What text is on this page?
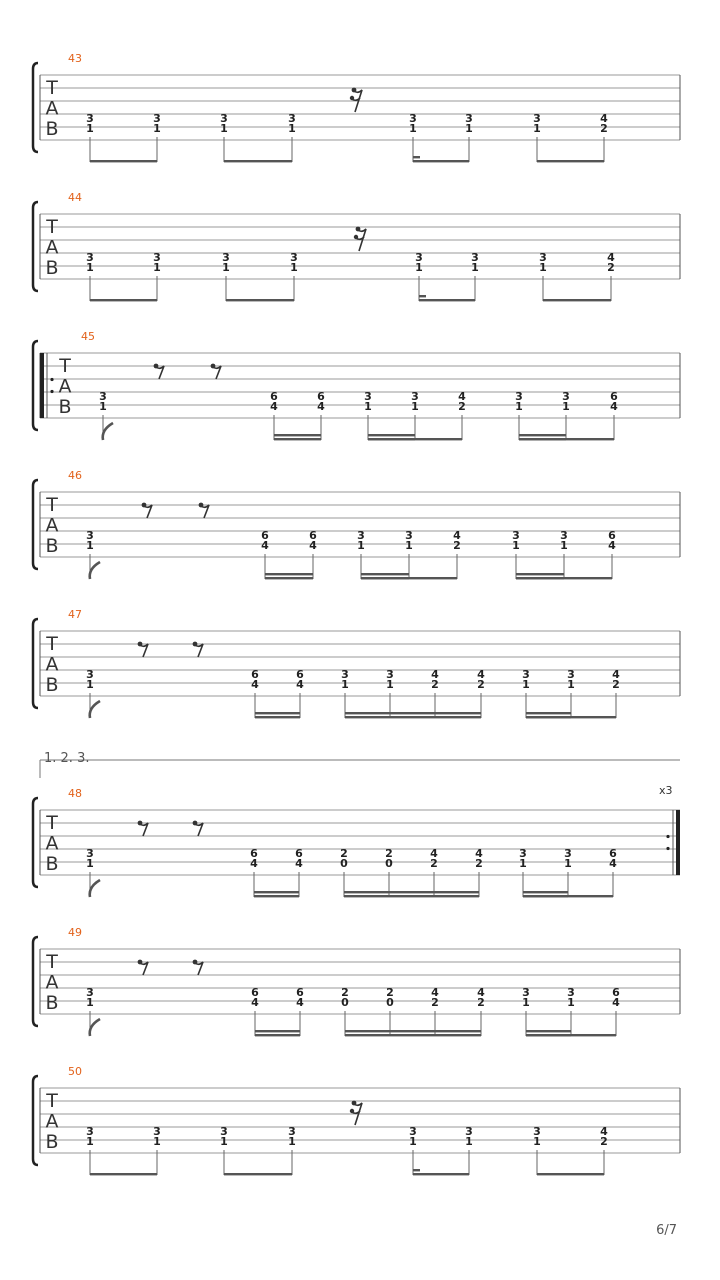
T
A
B
43
3
1
3
1
3
1
3
1
3
1
3
1
3
1
4
2
T
A
B
44
3
1
3
1
3
1
3
1
3
1
3
1
3
1
4
2
T
A
B
45
3
1
6
4
6
4
3
1
3
1
4
2
3
1
3
1
6
4
T
A
B
46
3
1
6
4
6
4
3
1
3
1
4
2
3
1
3
1
6
4
T
A
B
47
3
1
6
4
6
4
3
1
3
1
4
2
4
2
3
1
3
1
4
2
x3
T
A
B
48
3
1
6
4
6
4
2
0
2
0
4
2
4
2
3
1
3
1
6
4
T
A
B
49
3
1
6
4
6
4
2
0
2
0
4
2
4
2
3
1
3
1
6
4
T
A
B
50
3
1
3
1
3
1
3
1
3
1
3
1
3
1
4
2
1. 2. 3.
6/7
